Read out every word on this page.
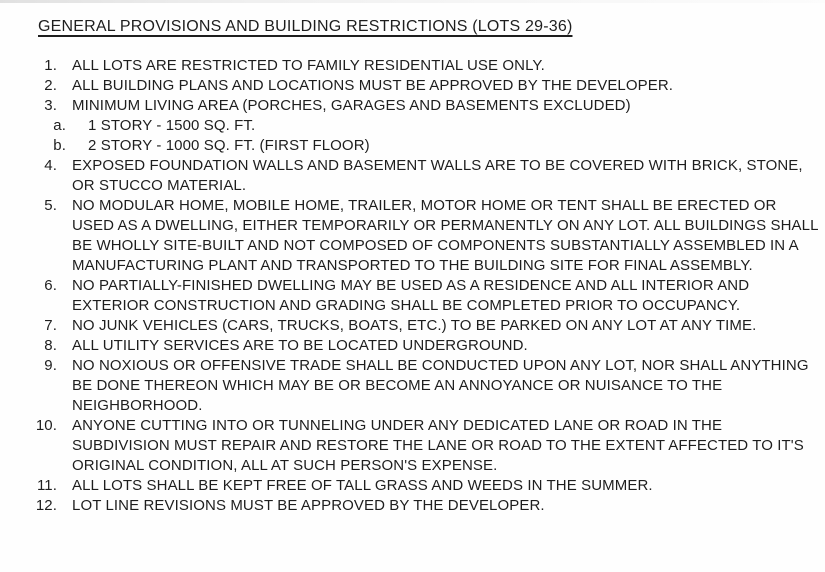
GENERAL PROVISIONS AND BUILDING RESTRICTIONS (LOTS 29-36)
1.	ALL LOTS ARE RESTRICTED TO FAMILY RESIDENTIAL USE ONLY.
2.	ALL BUILDING PLANS AND LOCATIONS MUST BE APPROVED BY THE DEVELOPER.
3.	MINIMUM LIVING AREA (PORCHES, GARAGES AND BASEMENTS EXCLUDED)
a.	1 STORY - 1500 SQ. FT.
b.	2 STORY - 1000 SQ. FT. (FIRST FLOOR)
4.	EXPOSED FOUNDATION WALLS AND BASEMENT WALLS ARE TO BE COVERED WITH BRICK, STONE, OR STUCCO MATERIAL.
5.	NO MODULAR HOME, MOBILE HOME, TRAILER, MOTOR HOME OR TENT SHALL BE ERECTED OR USED AS A DWELLING, EITHER TEMPORARILY OR PERMANENTLY ON ANY LOT. ALL BUILDINGS SHALL BE WHOLLY SITE-BUILT AND NOT COMPOSED OF COMPONENTS SUBSTANTIALLY ASSEMBLED IN A MANUFACTURING PLANT AND TRANSPORTED TO THE BUILDING SITE FOR FINAL ASSEMBLY.
6.	NO PARTIALLY-FINISHED DWELLING MAY BE USED AS A RESIDENCE AND ALL INTERIOR AND EXTERIOR CONSTRUCTION AND GRADING SHALL BE COMPLETED PRIOR TO OCCUPANCY.
7.	NO JUNK VEHICLES (CARS, TRUCKS, BOATS, ETC.) TO BE PARKED ON ANY LOT AT ANY TIME.
8.	ALL UTILITY SERVICES ARE TO BE LOCATED UNDERGROUND.
9.	NO NOXIOUS OR OFFENSIVE TRADE SHALL BE CONDUCTED UPON ANY LOT, NOR SHALL ANYTHING BE DONE THEREON WHICH MAY BE OR BECOME AN ANNOYANCE OR NUISANCE TO THE NEIGHBORHOOD.
10.	ANYONE CUTTING INTO OR TUNNELING UNDER ANY DEDICATED LANE OR ROAD IN THE SUBDIVISION MUST REPAIR AND RESTORE THE LANE OR ROAD TO THE EXTENT AFFECTED TO IT'S ORIGINAL CONDITION, ALL AT SUCH PERSON'S EXPENSE.
11.	ALL LOTS SHALL BE KEPT FREE OF TALL GRASS AND WEEDS IN THE SUMMER.
12.	LOT LINE REVISIONS MUST BE APPROVED BY THE DEVELOPER.
